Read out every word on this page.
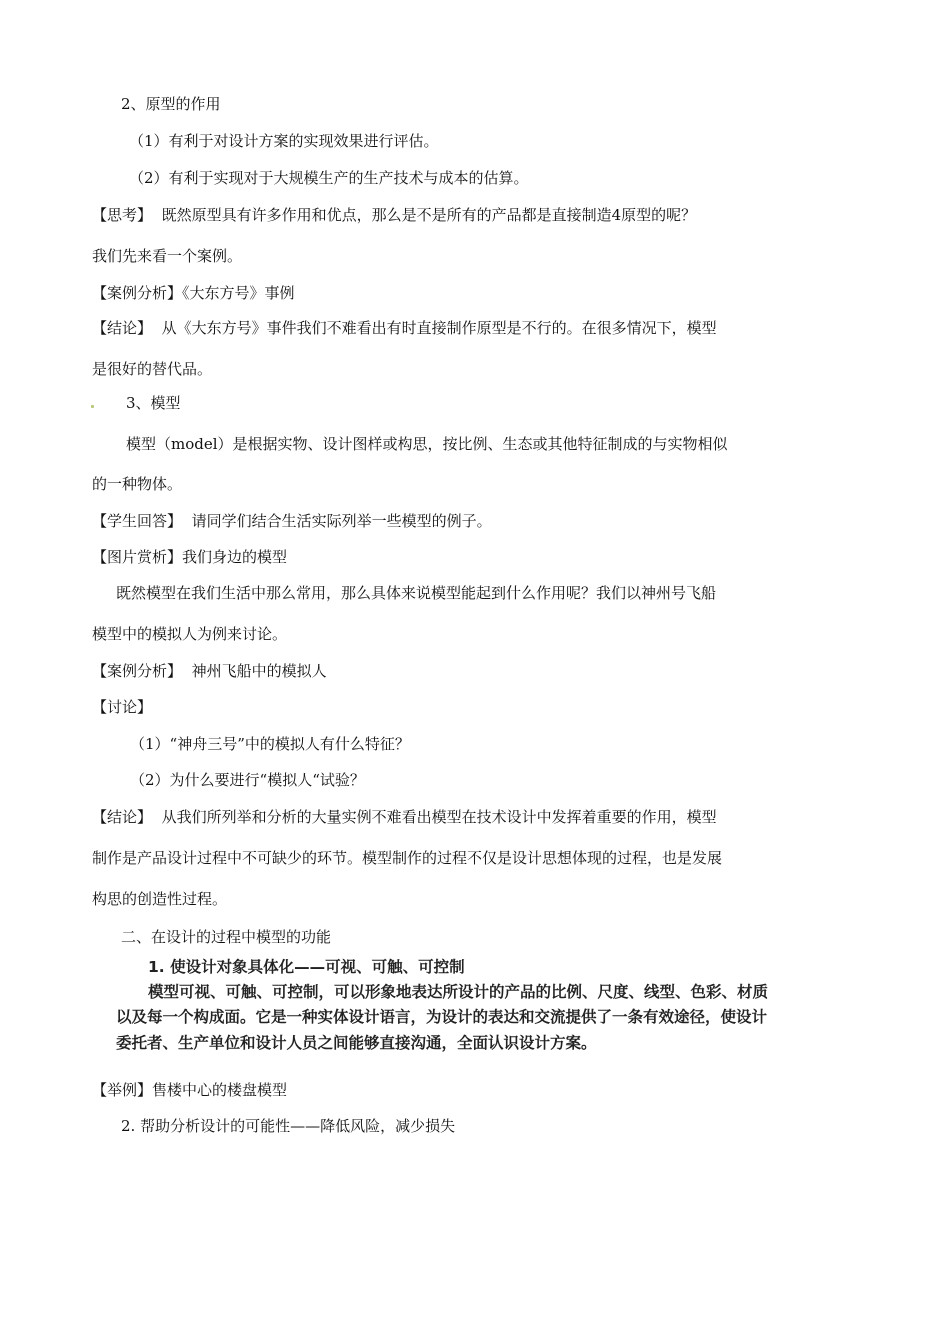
2、原型的作用
（1）有利于对设计方案的实现效果进行评估。
（2）有利于实现对于大规模生产的生产技术与成本的估算。
【思考】 既然原型具有许多作用和优点，那么是不是所有的产品都是直接制造4原型的呢？
我们先来看一个案例。
【案例分析】《大东方号》事例
【结论】 从《大东方号》事件我们不难看出有时直接制作原型是不行的。在很多情况下，模型
是很好的替代品。
3、模型
模型（model）是根据实物、设计图样或构思，按比例、生态或其他特征制成的与实物相似
的一种物体。
【学生回答】 请同学们结合生活实际列举一些模型的例子。
【图片赏析】我们身边的模型
既然模型在我们生活中那么常用，那么具体来说模型能起到什么作用呢？我们以神州号飞船
模型中的模拟人为例来讨论。
【案例分析】 神州飞船中的模拟人
【讨论】
（1）“神舟三号”中的模拟人有什么特征？
（2）为什么要进行“模拟人“试验？
【结论】 从我们所列举和分析的大量实例不难看出模型在技术设计中发挥着重要的作用，模型
制作是产品设计过程中不可缺少的环节。模型制作的过程不仅是设计思想体现的过程，也是发展
构思的创造性过程。
二、在设计的过程中模型的功能
1. 使设计对象具体化——可视、可触、可控制
模型可视、可触、可控制，可以形象地表达所设计的产品的比例、尺度、线型、色彩、材质
以及每一个构成面。它是一种实体设计语言，为设计的表达和交流提供了一条有效途径，使设计
委托者、生产单位和设计人员之间能够直接沟通，全面认识设计方案。
【举例】售楼中心的楼盘模型
2. 帮助分析设计的可能性——降低风险，减少损失
